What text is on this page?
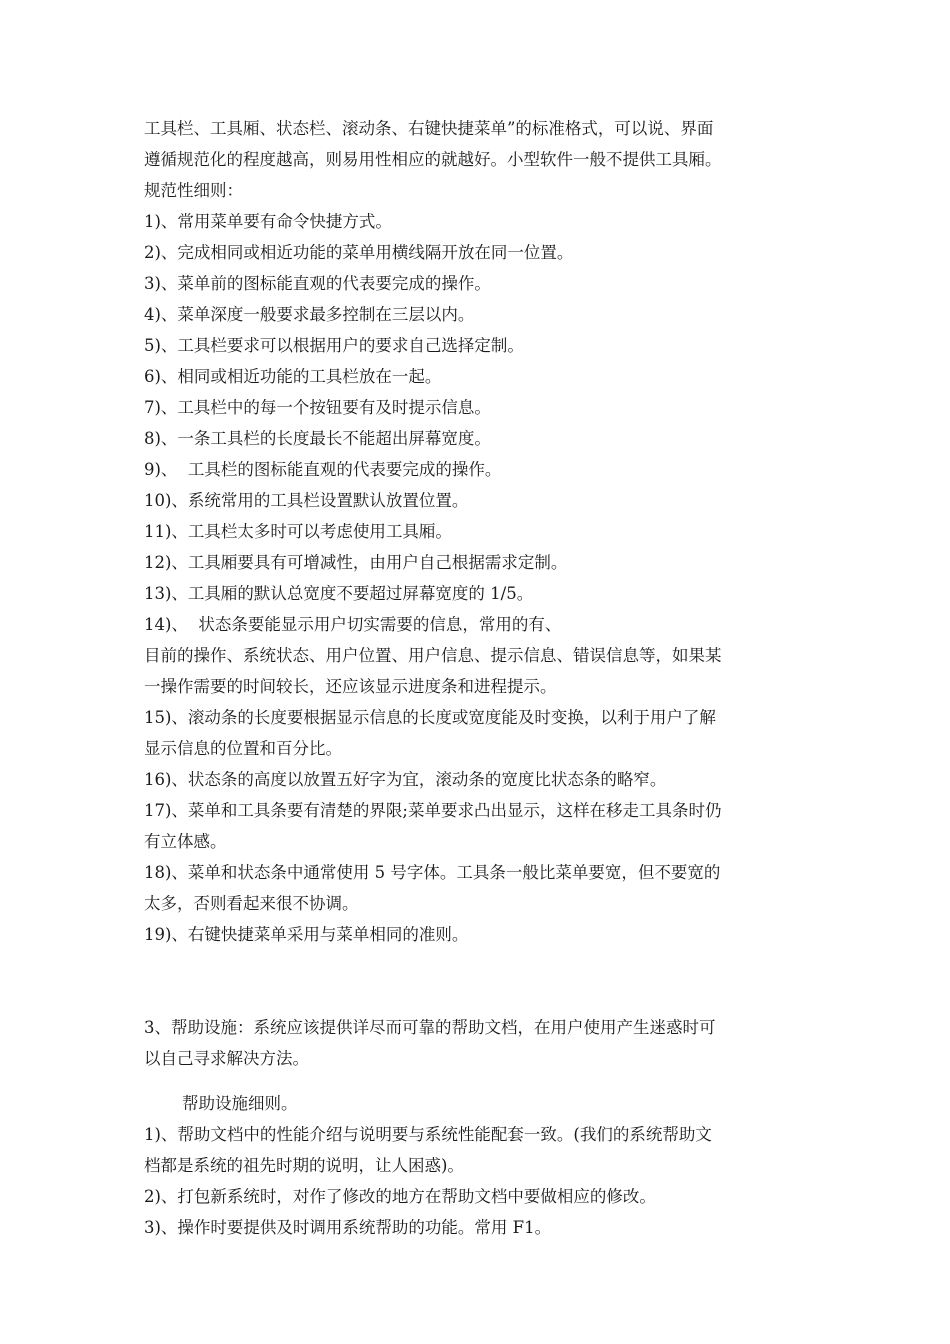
工具栏、工具厢、状态栏、滚动条、右键快捷菜单”的标准格式，可以说、界面
遵循规范化的程度越高，则易用性相应的就越好。小型软件一般不提供工具厢。
规范性细则：
1)、常用菜单要有命令快捷方式。
2)、完成相同或相近功能的菜单用横线隔开放在同一位置。
3)、菜单前的图标能直观的代表要完成的操作。
4)、菜单深度一般要求最多控制在三层以内。
5)、工具栏要求可以根据用户的要求自己选择定制。
6)、相同或相近功能的工具栏放在一起。
7)、工具栏中的每一个按钮要有及时提示信息。
8)、一条工具栏的长度最长不能超出屏幕宽度。
9)、  工具栏的图标能直观的代表要完成的操作。
10)、系统常用的工具栏设置默认放置位置。
11)、工具栏太多时可以考虑使用工具厢。
12)、工具厢要具有可增减性，由用户自己根据需求定制。
13)、工具厢的默认总宽度不要超过屏幕宽度的 1/5。
14)、  状态条要能显示用户切实需要的信息，常用的有、
目前的操作、系统状态、用户位置、用户信息、提示信息、错误信息等，如果某
一操作需要的时间较长，还应该显示进度条和进程提示。
15)、滚动条的长度要根据显示信息的长度或宽度能及时变换，以利于用户了解
显示信息的位置和百分比。
16)、状态条的高度以放置五好字为宜，滚动条的宽度比状态条的略窄。
17)、菜单和工具条要有清楚的界限;菜单要求凸出显示，这样在移走工具条时仍
有立体感。
18)、菜单和状态条中通常使用 5 号字体。工具条一般比菜单要宽，但不要宽的
太多，否则看起来很不协调。
19)、右键快捷菜单采用与菜单相同的准则。
3、帮助设施：系统应该提供详尽而可靠的帮助文档，在用户使用产生迷惑时可
以自己寻求解决方法。
帮助设施细则。
1)、帮助文档中的性能介绍与说明要与系统性能配套一致。(我们的系统帮助文
档都是系统的祖先时期的说明，让人困惑)。
2)、打包新系统时，对作了修改的地方在帮助文档中要做相应的修改。
3)、操作时要提供及时调用系统帮助的功能。常用 F1。
